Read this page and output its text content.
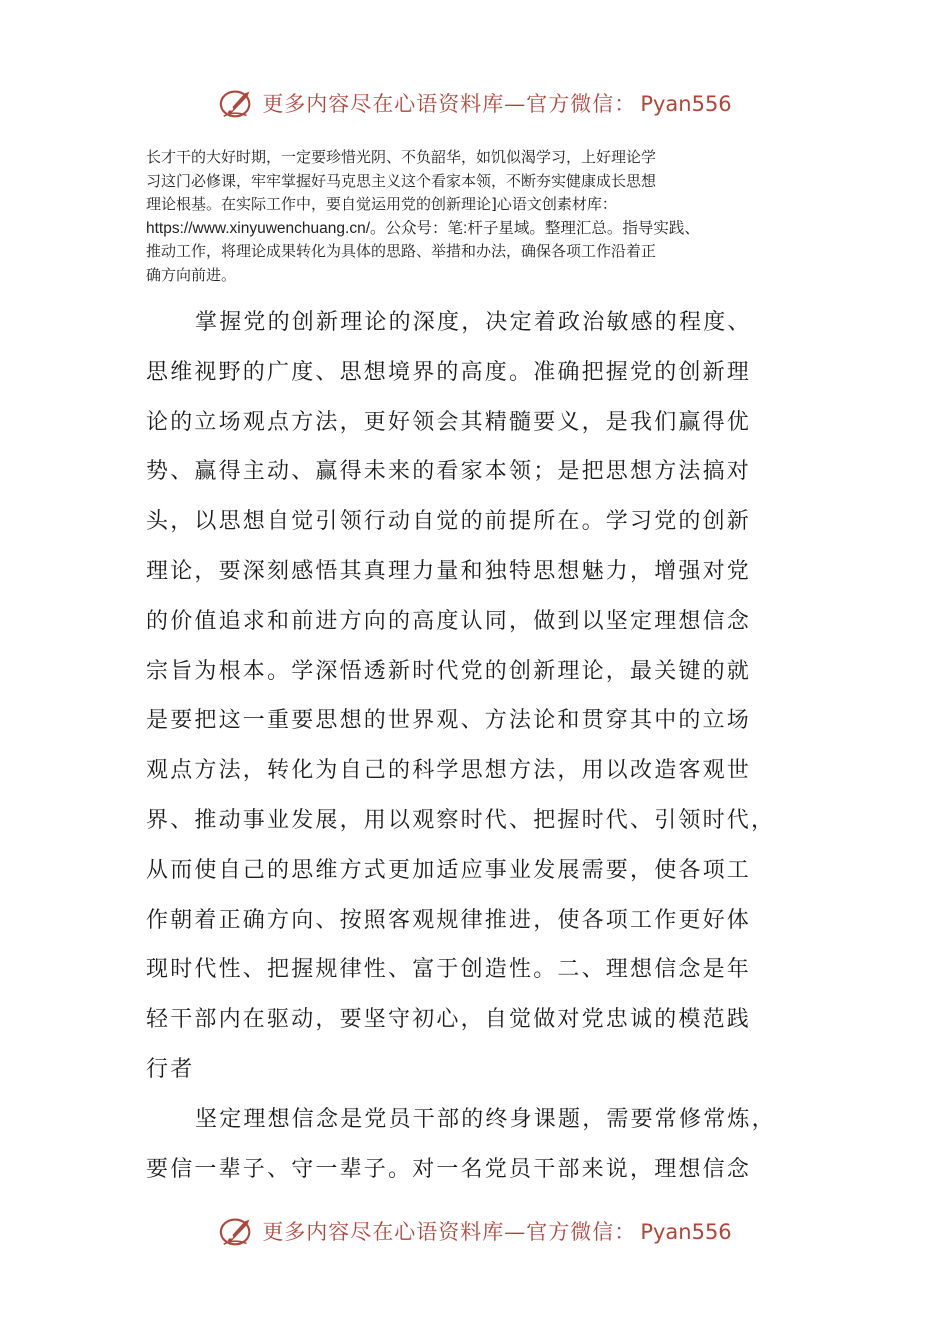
更多内容尽在心语资料库—官方微信： Pyan556

长才干的大好时期，一定要珍惜光阴、不负韶华，如饥似渴学习，上好理论学

习这门必修课，牢牢掌握好马克思主义这个看家本领，不断夯实健康成长思想

理论根基。在实际工作中，要自觉运用党的创新理论]心语文创素材库：

https://www.xinyuwenchuang.cn/。公众号：笔:杆子星域。整理汇总。指导实践、

推动工作，将理论成果转化为具体的思路、举措和办法，确保各项工作沿着正

确方向前进。

掌握党的创新理论的深度，决定着政治敏感的程度、

思维视野的广度、思想境界的高度。准确把握党的创新理

论的立场观点方法，更好领会其精髓要义，是我们赢得优

势、赢得主动、赢得未来的看家本领；是把思想方法搞对

头，以思想自觉引领行动自觉的前提所在。学习党的创新

理论，要深刻感悟其真理力量和独特思想魅力，增强对党

的价值追求和前进方向的高度认同，做到以坚定理想信念

宗旨为根本。学深悟透新时代党的创新理论，最关键的就

是要把这一重要思想的世界观、方法论和贯穿其中的立场

观点方法，转化为自己的科学思想方法，用以改造客观世

界、推动事业发展，用以观察时代、把握时代、引领时代，

从而使自己的思维方式更加适应事业发展需要，使各项工

作朝着正确方向、按照客观规律推进，使各项工作更好体

现时代性、把握规律性、富于创造性。二、理想信念是年

轻干部内在驱动，要坚守初心，自觉做对党忠诚的模范践

行者

坚定理想信念是党员干部的终身课题，需要常修常炼，

要信一辈子、守一辈子。对一名党员干部来说，理想信念

更多内容尽在心语资料库—官方微信： Pyan556
